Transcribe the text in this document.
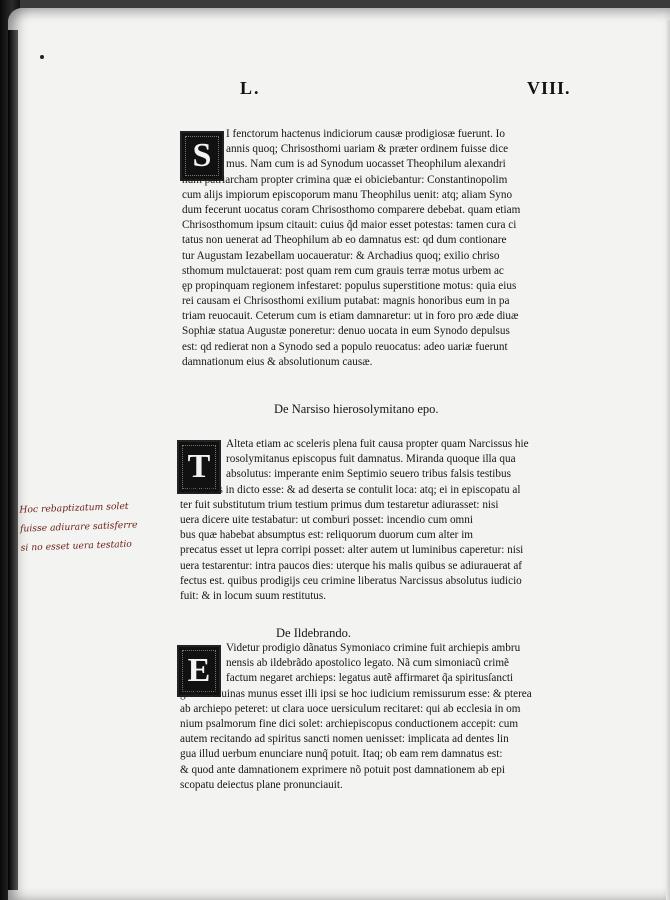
L.	VIII.
S
I fenctorum hactenus indiciorum causæ prodigiosæ fuerunt. Io
annis quoq; Chrisosthomi uariam & præter ordinem fuisse dice
mus. Nam cum is ad Synodum uocasset Theophilum alexandri
num patriarcham propter crimina quæ ei obiciebantur: Constantinopolim
cum alijs impiorum episcoporum manu Theophilus uenit: atq; aliam Syno
dum fecerunt uocatus coram Chrisosthomo comparere debebat. quam etiam
Chrisosthomum ipsum citauit: cuius q̃d maior esset potestas: tamen cura ci
tatus non uenerat ad Theophilum ab eo damnatus est: qd dum contionare
tur Augustam Iezabellam uocaueratur: & Archadius quoq; exilio chriso
sthomum mulctauerat: post quam rem cum grauis terræ motus urbem ac
ęp propinquam regionem infestaret: populus superstitione motus: quia eius
rei causam ei Chrisosthomi exilium putabat: magnis honoribus eum in pa
triam reuocauit. Ceterum cum is etiam damnaretur: ut in foro pro æde diuæ
Sophiæ statua Augustæ poneretur: denuo uocata in eum Synodo depulsus
est: qd redierat non a Synodo sed a populo reuocatus: adeo uariæ fuerunt
damnationum eius & absolutionum causæ.
De Narsiso hierosolymitano epo.
T
Alteta etiam ac sceleris plena fuit causa propter quam Narcissus hie
rosolymitanus episcopus fuit damnatus. Miranda quoque illa qua
absolutus: imperante enim Septimio seuero tribus falsis testibus
conuictus in dicto esse: & ad deserta se contulit loca: atq; ei in episcopatu al
ter fuit substitutum trium testium primus dum testaretur adiurasset: nisi
uera dicere uite testabatur: ut comburi posset: incendio cum omni
bus quæ habebat absumptus est: reliquorum duorum cum alter im
precatus esset ut lepra corripi posset: alter autem ut luminibus caperetur: nisi
uera testarentur: intra paucos dies: uterque his malis quibus se adiurauerat af
fectus est. quibus prodigijs ceu crimine liberatus Narcissus absolutus iudicio
fuit: & in locum suum restitutus.
De Ildebrando.
E
Videtur prodigio dãnatus Symoniaco crimine fuit archiepis ambru
nensis ab ildebrãdo apostolico legato. Nã cum simoniacũ crimẽ
factum negaret archieps: legatus autẽ affirmaret q̃a spiritusſancti
gratias diuinas munus esset illi ipsi se hoc iudicium remissurum esse: & pterea
ab archiepo peteret: ut clara uoce uersiculum recitaret: qui ab ecclesia in om
nium psalmorum fine dici solet: archiepiscopus conductionem accepit: cum
autem recitando ad spiritus sancti nomen uenisset: implicata ad dentes lin
gua illud uerbum enunciare nunq̃ potuit. Itaq; ob eam rem damnatus est:
& quod ante damnationem exprimere nõ potuit post damnationem ab epi
scopatu deiectus plane pronunciauit.
Hoc rebaptizatum solet
fuisse adiurare satisferre
si no esset uera testatio
